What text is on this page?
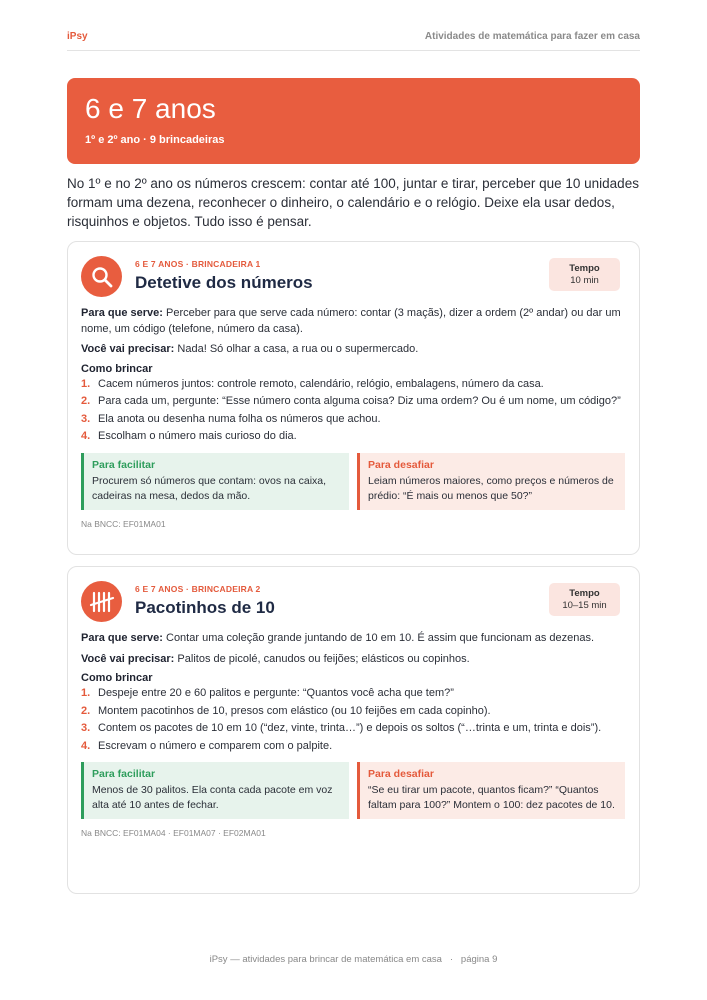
iPsy	Atividades de matemática para fazer em casa
6 e 7 anos
1º e 2º ano · 9 brincadeiras

No 1º e no 2º ano os números crescem: contar até 100, juntar e tirar, perceber que 10 unidades formam uma dezena, reconhecer o dinheiro, o calendário e o relógio. Deixe ela usar dedos, risquinhos e objetos. Tudo isso é pensar.

6 E 7 ANOS · BRINCADEIRA 1
Detetive dos números
Tempo
10 min

Para que serve: Perceber para que serve cada número: contar (3 maçãs), dizer a ordem (2º andar) ou dar um nome, um código (telefone, número da casa).

Você vai precisar: Nada! Só olhar a casa, a rua ou o supermercado.

Como brincar
1. Cacem números juntos: controle remoto, calendário, relógio, embalagens, número da casa.
2. Para cada um, pergunte: “Esse número conta alguma coisa? Diz uma ordem? Ou é um nome, um código?”
3. Ela anota ou desenha numa folha os números que achou.
4. Escolham o número mais curioso do dia.
Para facilitar
Procurem só números que contam: ovos na caixa, cadeiras na mesa, dedos da mão.
Para desafiar
Leiam números maiores, como preços e números de prédio: “É mais ou menos que 50?”
Na BNCC: EF01MA01
6 E 7 ANOS · BRINCADEIRA 2
Pacotinhos de 10
Tempo
10–15 min

Para que serve: Contar uma coleção grande juntando de 10 em 10. É assim que funcionam as dezenas.

Você vai precisar: Palitos de picolé, canudos ou feijões; elásticos ou copinhos.

Como brincar
1. Despeje entre 20 e 60 palitos e pergunte: “Quantos você acha que tem?”
2. Montem pacotinhos de 10, presos com elástico (ou 10 feijões em cada copinho).
3. Contem os pacotes de 10 em 10 (“dez, vinte, trinta…”) e depois os soltos (“…trinta e um, trinta e dois”).
4. Escrevam o número e comparem com o palpite.
Para facilitar
Menos de 30 palitos. Ela conta cada pacote em voz alta até 10 antes de fechar.
Para desafiar
“Se eu tirar um pacote, quantos ficam?” “Quantos faltam para 100?” Montem o 100: dez pacotes de 10.
Na BNCC: EF01MA04 · EF01MA07 · EF02MA01
iPsy — atividades para brincar de matemática em casa   ·   página 9
